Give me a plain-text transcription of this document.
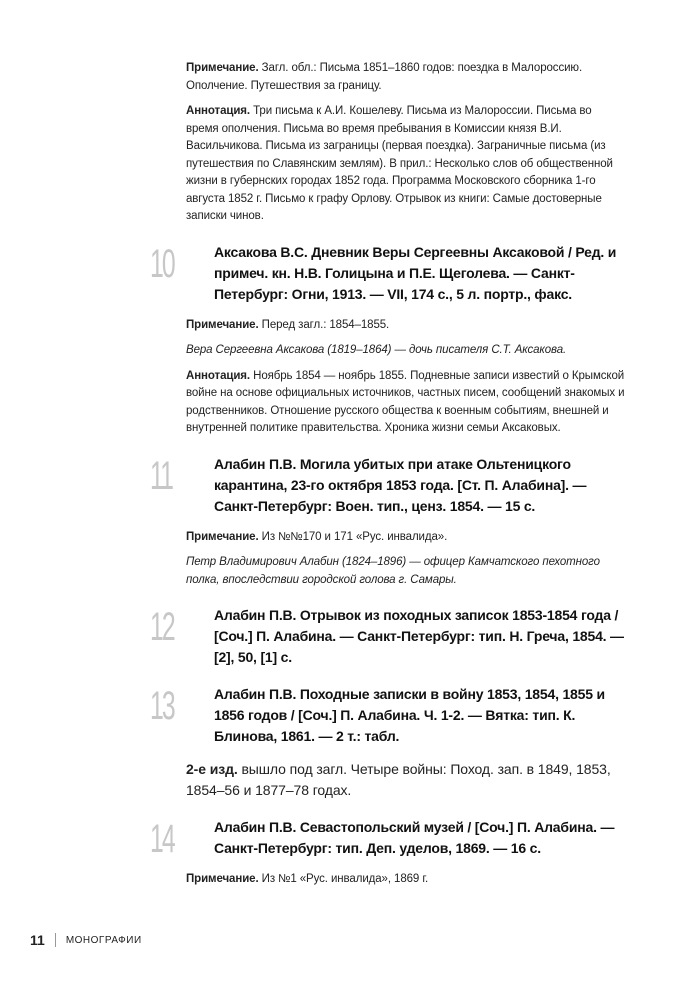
Примечание. Загл. обл.: Письма 1851–1860 годов: поездка в Малороссию. Ополчение. Путешествия за границу.

Аннотация. Три письма к А.И. Кошелеву. Письма из Малороссии. Письма во время ополчения. Письма во время пребывания в Комиссии князя В.И. Васильчикова. Письма из заграницы (первая поездка). Заграничные письма (из путешествия по Славянским землям). В прил.: Несколько слов об общественной жизни в губернских городах 1852 года. Программа Московского сборника 1-го августа 1852 г. Письмо к графу Орлову. Отрывок из книги: Самые достоверные записки чинов.

10	Аксакова В.С. Дневник Веры Сергеевны Аксаковой / Ред. и примеч. кн. Н.В. Голицына и П.Е. Щеголева. — Санкт-Петербург: Огни, 1913. — VII, 174 с., 5 л. портр., факс.

Примечание. Перед загл.: 1854–1855.

Вера Сергеевна Аксакова (1819–1864) — дочь писателя С.Т. Аксакова.

Аннотация. Ноябрь 1854 — ноябрь 1855. Подневные записи известий о Крымской войне на основе официальных источников, частных писем, сообщений знакомых и родственников. Отношение русского общества к военным событиям, внешней и внутренней политике правительства. Хроника жизни семьи Аксаковых.

11	Алабин П.В. Могила убитых при атаке Ольтеницкого карантина, 23-го октября 1853 года. [Ст. П. Алабина]. — Санкт-Петербург: Воен. тип., ценз. 1854. — 15 с.

Примечание. Из №№170 и 171 «Рус. инвалида».

Петр Владимирович Алабин (1824–1896) — офицер Камчатского пехотного полка, впоследствии городской голова г. Самары.

12	Алабин П.В. Отрывок из походных записок 1853-1854 года / [Соч.] П. Алабина. — Санкт-Петербург: тип. Н. Греча, 1854. — [2], 50, [1] с.
13	Алабин П.В. Походные записки в войну 1853, 1854, 1855 и 1856 годов / [Соч.] П. Алабина. Ч. 1-2. — Вятка: тип. К. Блинова, 1861. — 2 т.: табл.

2-е изд. вышло под загл. Четыре войны: Поход. зап. в 1849, 1853, 1854–56 и 1877–78 годах.

14	Алабин П.В. Севастопольский музей / [Соч.] П. Алабина. — Санкт-Петербург: тип. Деп. уделов, 1869. — 16 с.

Примечание. Из №1 «Рус. инвалида», 1869 г.

11 МОНОГРАФИИ
